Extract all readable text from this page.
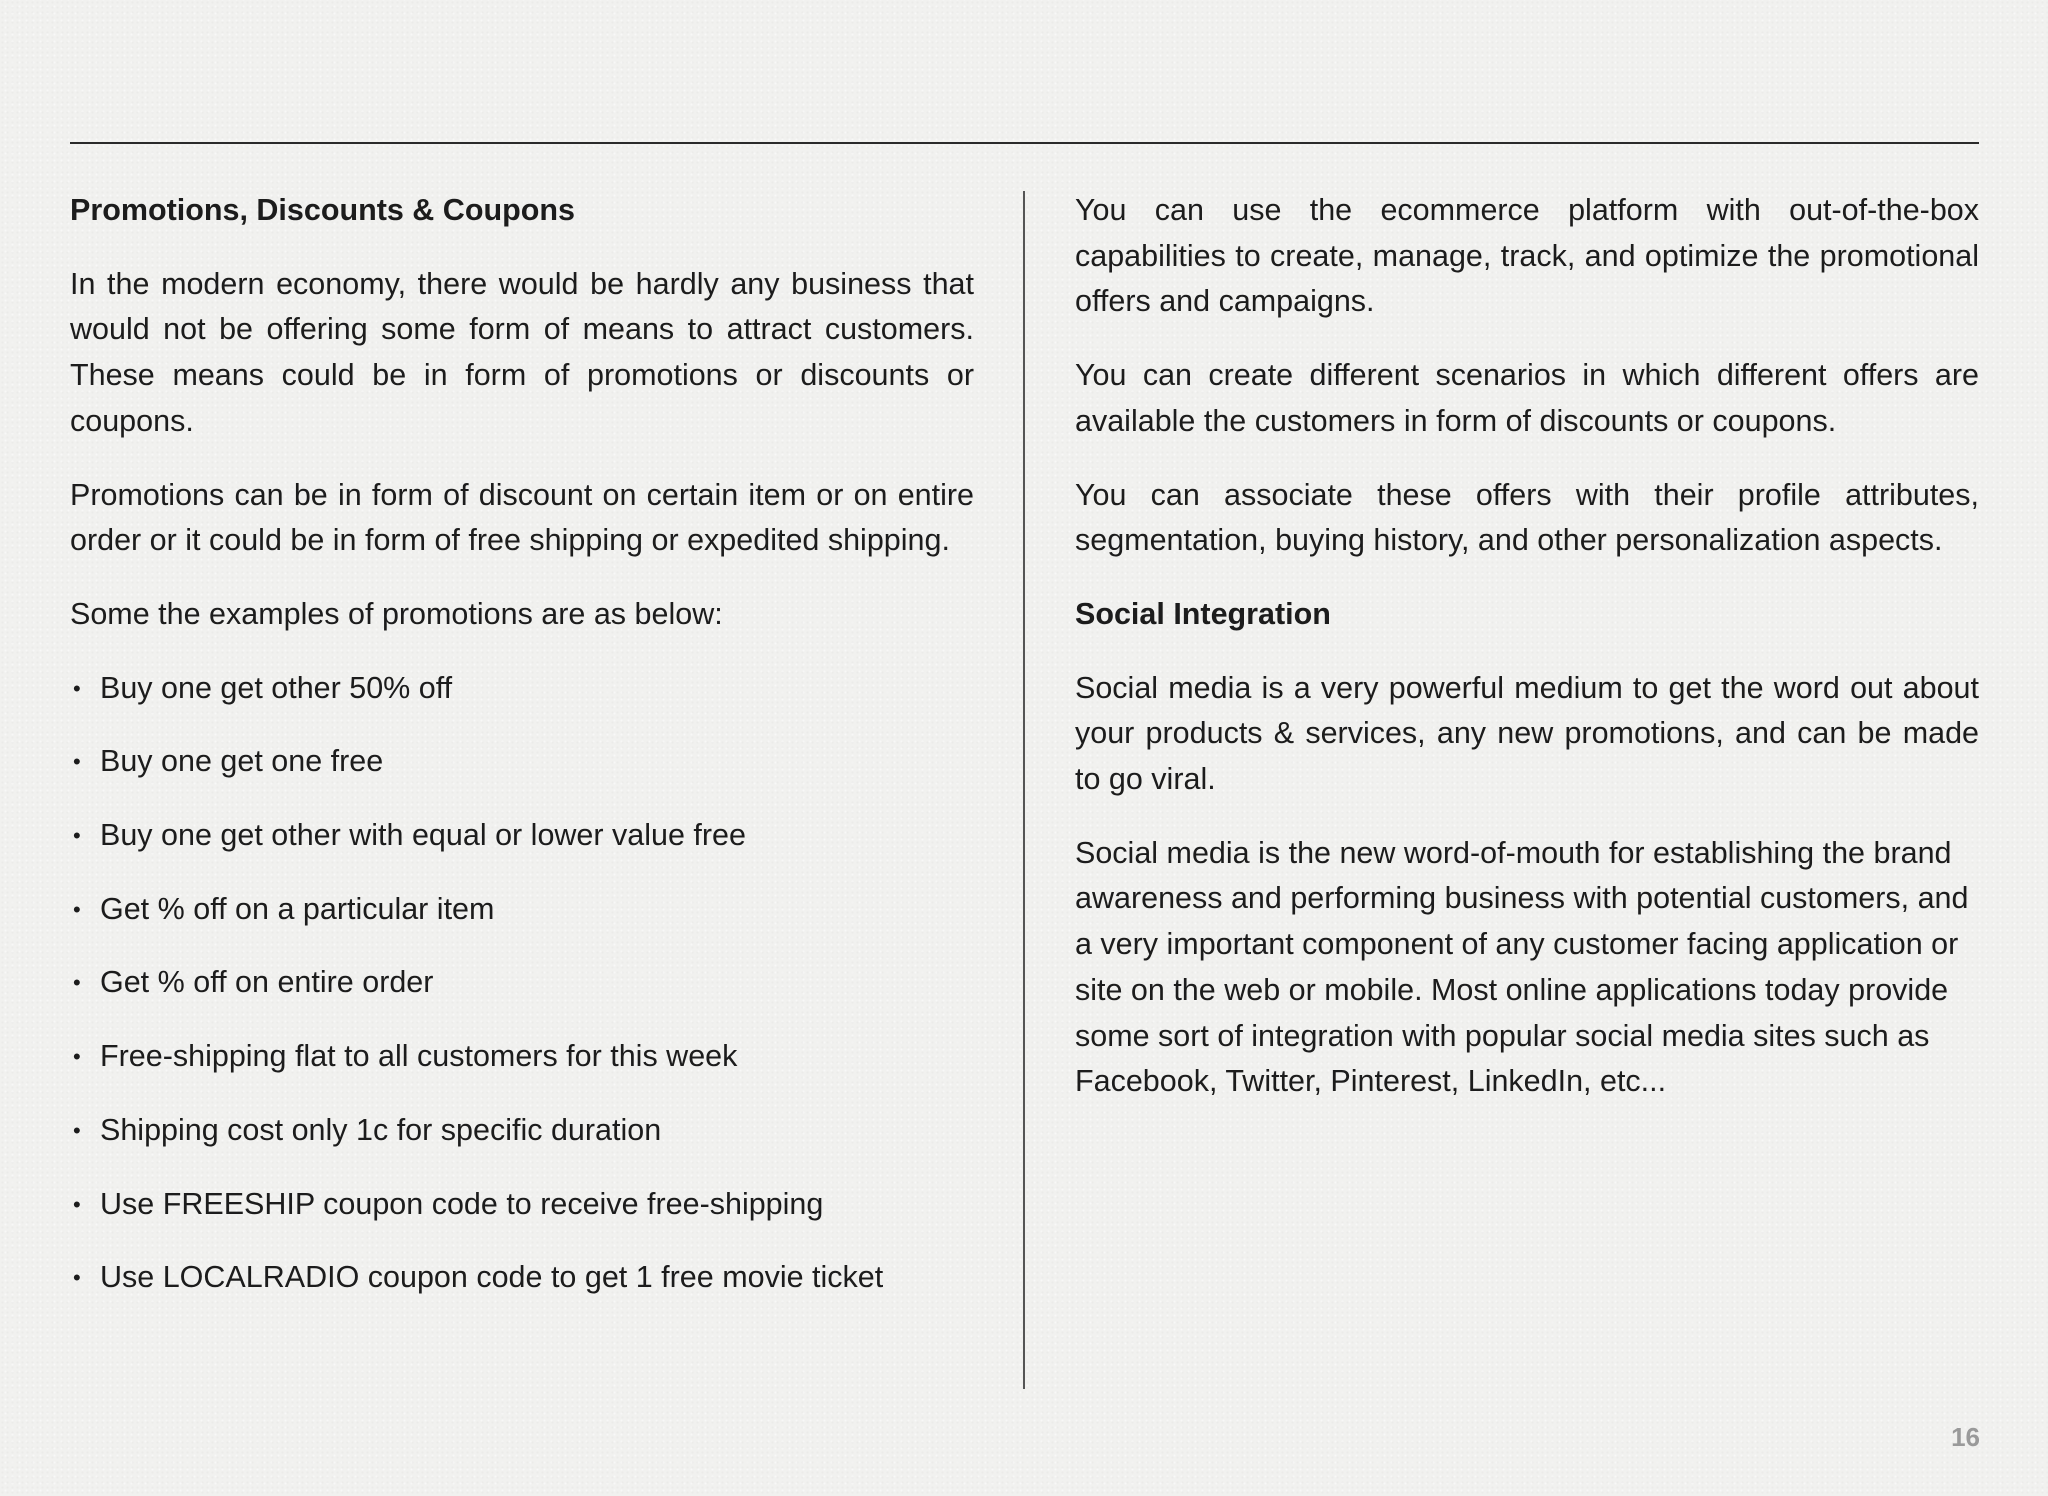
Promotions, Discounts & Coupons

In the modern economy, there would be hardly any business that would not be offering some form of means to attract customers. These means could be in form of promotions or discounts or coupons.

Promotions can be in form of discount on certain item or on entire order or it could be in form of free shipping or expedited shipping.

Some the examples of promotions are as below:

• Buy one get other 50% off
• Buy one get one free
• Buy one get other with equal or lower value free
• Get % off on a particular item
• Get % off on entire order
• Free-shipping flat to all customers for this week
• Shipping cost only 1c for specific duration
• Use FREESHIP coupon code to receive free-shipping
• Use LOCALRADIO coupon code to get 1 free movie ticket

You can use the ecommerce platform with out-of-the-box capabilities to create, manage, track, and optimize the promotional offers and campaigns.

You can create different scenarios in which different offers are available the customers in form of discounts or coupons.

You can associate these offers with their profile attributes, segmentation, buying history, and other personalization aspects.

Social Integration

Social media is a very powerful medium to get the word out about your products & services, any new promotions, and can be made to go viral.

Social media is the new word-of-mouth for establishing the brand awareness and performing business with potential customers, and a very important component of any customer facing application or site on the web or mobile. Most online applications today provide some sort of integration with popular social media sites such as Facebook, Twitter, Pinterest, LinkedIn, etc...

16
